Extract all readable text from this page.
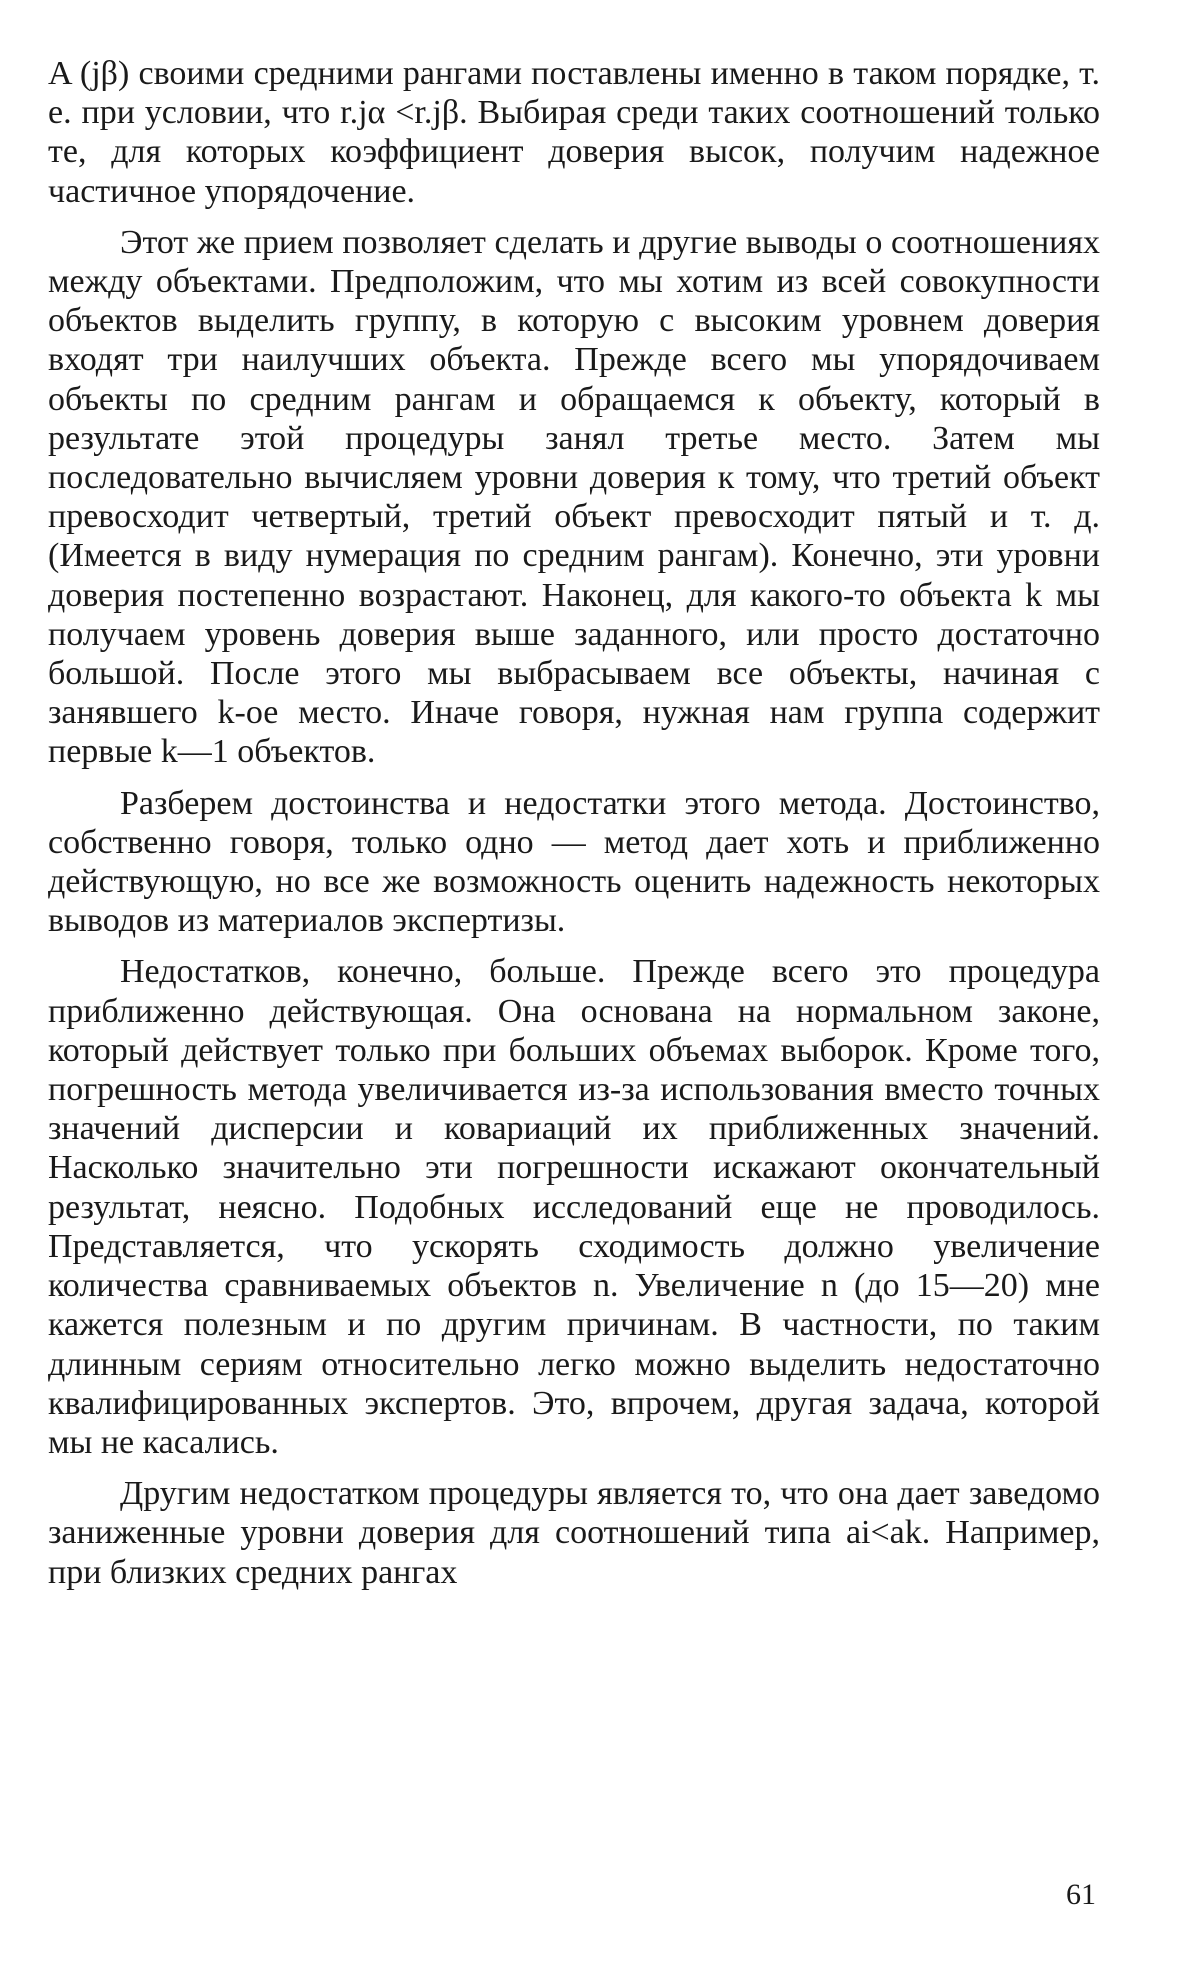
A (jβ) своими средними рангами поставлены именно в таком порядке, т. е. при условии, что r.jα <r.jβ. Выбирая среди таких соотношений только те, для которых коэффициент доверия высок, получим надежное частичное упорядочение.

Этот же прием позволяет сделать и другие выводы о соотношениях между объектами. Предположим, что мы хотим из всей совокупности объектов выделить группу, в которую с высоким уровнем доверия входят три наилучших объекта. Прежде всего мы упорядочиваем объекты по средним рангам и обращаемся к объекту, который в результате этой процедуры занял третье место. Затем мы последовательно вычисляем уровни доверия к тому, что третий объект превосходит четвертый, третий объект превосходит пятый и т. д. (Имеется в виду нумерация по средним рангам). Конечно, эти уровни доверия постепенно возрастают. Наконец, для какого-то объекта k мы получаем уровень доверия выше заданного, или просто достаточно большой. После этого мы выбрасываем все объекты, начиная с занявшего k-ое место. Иначе говоря, нужная нам группа содержит первые k—1 объектов.

Разберем достоинства и недостатки этого метода. Достоинство, собственно говоря, только одно — метод дает хоть и приближенно действующую, но все же возможность оценить надежность некоторых выводов из материалов экспертизы.

Недостатков, конечно, больше. Прежде всего это процедура приближенно действующая. Она основана на нормальном законе, который действует только при больших объемах выборок. Кроме того, погрешность метода увеличивается из-за использования вместо точных значений дисперсии и ковариаций их приближенных значений. Насколько значительно эти погрешности искажают окончательный результат, неясно. Подобных исследований еще не проводилось. Представляется, что ускорять сходимость должно увеличение количества сравниваемых объектов n. Увеличение n (до 15—20) мне кажется полезным и по другим причинам. В частности, по таким длинным сериям относительно легко можно выделить недостаточно квалифицированных экспертов. Это, впрочем, другая задача, которой мы не касались.

Другим недостатком процедуры является то, что она дает заведомо заниженные уровни доверия для соотношений типа ai<ak. Например, при близких средних рангах

61
